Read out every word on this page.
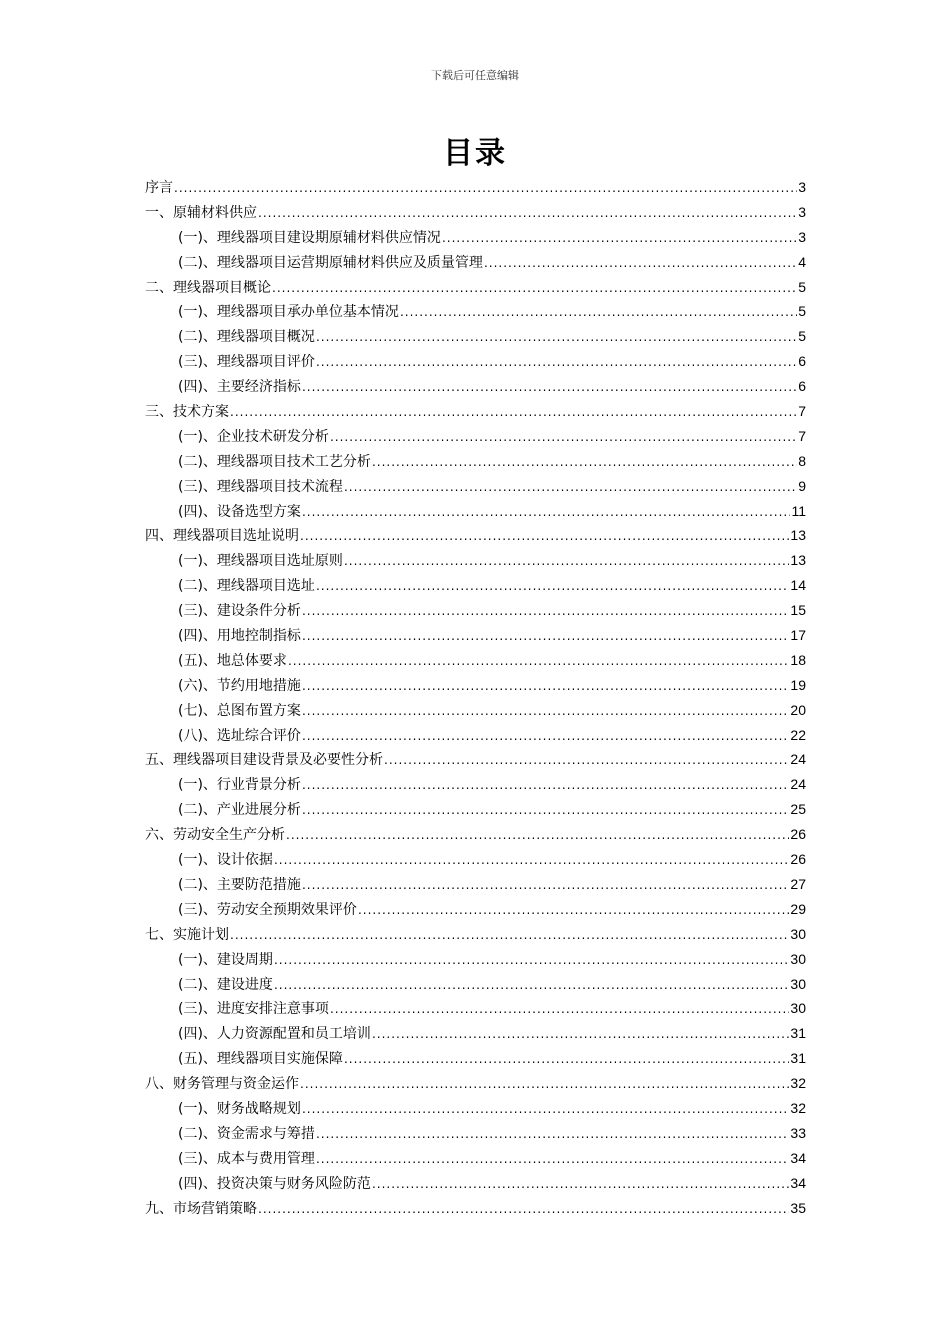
下载后可任意编辑
目录
序言 .....	3
一、原辅材料供应 .....	3
(一)、理线器项目建设期原辅材料供应情况 .....	3
(二)、理线器项目运营期原辅材料供应及质量管理 .....	4
二、理线器项目概论 .....	5
(一)、理线器项目承办单位基本情况 .....	5
(二)、理线器项目概况 .....	5
(三)、理线器项目评价 .....	6
(四)、主要经济指标 .....	6
三、技术方案 .....	7
(一)、企业技术研发分析 .....	7
(二)、理线器项目技术工艺分析 .....	8
(三)、理线器项目技术流程 .....	9
(四)、设备选型方案 .....	11
四、理线器项目选址说明 .....	13
(一)、理线器项目选址原则 .....	13
(二)、理线器项目选址 .....	14
(三)、建设条件分析 .....	15
(四)、用地控制指标 .....	17
(五)、地总体要求 .....	18
(六)、节约用地措施 .....	19
(七)、总图布置方案 .....	20
(八)、选址综合评价 .....	22
五、理线器项目建设背景及必要性分析 .....	24
(一)、行业背景分析 .....	24
(二)、产业进展分析 .....	25
六、劳动安全生产分析 .....	26
(一)、设计依据 .....	26
(二)、主要防范措施 .....	27
(三)、劳动安全预期效果评价 .....	29
七、实施计划 .....	30
(一)、建设周期 .....	30
(二)、建设进度 .....	30
(三)、进度安排注意事项 .....	30
(四)、人力资源配置和员工培训 .....	31
(五)、理线器项目实施保障 .....	31
八、财务管理与资金运作 .....	32
(一)、财务战略规划 .....	32
(二)、资金需求与筹措 .....	33
(三)、成本与费用管理 .....	34
(四)、投资决策与财务风险防范 .....	34
九、市场营销策略 .....	35
